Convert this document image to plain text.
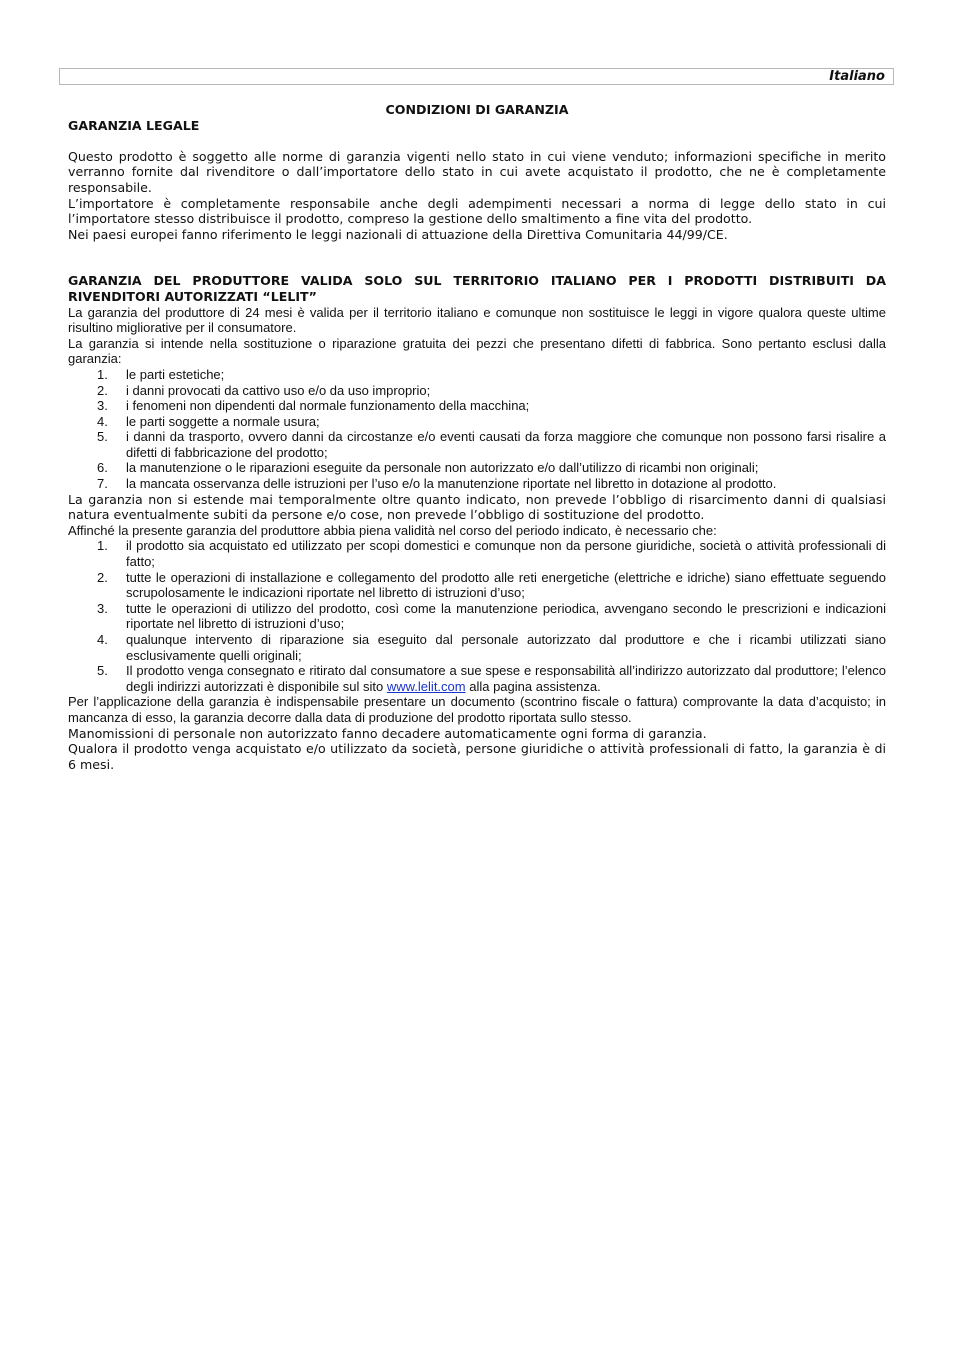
Italiano
CONDIZIONI DI GARANZIA
GARANZIA LEGALE

Questo prodotto è soggetto alle norme di garanzia vigenti nello stato in cui viene venduto; informazioni specifiche in merito verranno fornite dal rivenditore o dall’importatore dello stato in cui avete acquistato il prodotto, che ne è completamente responsabile.

L’importatore è completamente responsabile anche degli adempimenti necessari a norma di legge dello stato in cui l’importatore stesso distribuisce il prodotto, compreso la gestione dello smaltimento a fine vita del prodotto.

Nei paesi europei fanno riferimento le leggi nazionali di attuazione della Direttiva Comunitaria 44/99/CE.

GARANZIA DEL PRODUTTORE VALIDA SOLO SUL TERRITORIO ITALIANO PER I PRODOTTI DISTRIBUITI DA RIVENDITORI AUTORIZZATI “LELIT”

La garanzia del produttore di 24 mesi è valida per il territorio italiano e comunque non sostituisce le leggi in vigore qualora queste ultime risultino migliorative per il consumatore.

La garanzia si intende nella sostituzione o riparazione gratuita dei pezzi che presentano difetti di fabbrica. Sono pertanto esclusi dalla garanzia:

1. le parti estetiche;
2. i danni provocati da cattivo uso e/o da uso improprio;
3. i fenomeni non dipendenti dal normale funzionamento della macchina;
4. le parti soggette a normale usura;
5. i danni da trasporto, ovvero danni da circostanze e/o eventi causati da forza maggiore che comunque non possono farsi risalire a difetti di fabbricazione del prodotto;
6. la manutenzione o le riparazioni eseguite da personale non autorizzato e/o dall’utilizzo di ricambi non originali;
7. la mancata osservanza delle istruzioni per l’uso e/o la manutenzione riportate nel libretto in dotazione al prodotto.

La garanzia non si estende mai temporalmente oltre quanto indicato, non prevede l’obbligo di risarcimento danni di qualsiasi natura eventualmente subiti da persone e/o cose, non prevede l’obbligo di sostituzione del prodotto.

Affinché la presente garanzia del produttore abbia piena validità nel corso del periodo indicato, è necessario che:

1. il prodotto sia acquistato ed utilizzato per scopi domestici e comunque non da persone giuridiche, società o attività professionali di fatto;
2. tutte le operazioni di installazione e collegamento del prodotto alle reti energetiche (elettriche e idriche) siano effettuate seguendo scrupolosamente le indicazioni riportate nel libretto di istruzioni d’uso;
3. tutte le operazioni di utilizzo del prodotto, così come la manutenzione periodica, avvengano secondo le prescrizioni e indicazioni riportate nel libretto di istruzioni d’uso;
4. qualunque intervento di riparazione sia eseguito dal personale autorizzato dal produttore e che i ricambi utilizzati siano esclusivamente quelli originali;
5. Il prodotto venga consegnato e ritirato dal consumatore a sue spese e responsabilità all’indirizzo autorizzato dal produttore; l’elenco degli indirizzi autorizzati è disponibile sul sito www.lelit.com alla pagina assistenza.

Per l’applicazione della garanzia è indispensabile presentare un documento (scontrino fiscale o fattura) comprovante la data d’acquisto; in mancanza di esso, la garanzia decorre dalla data di produzione del prodotto riportata sullo stesso.

Manomissioni di personale non autorizzato fanno decadere automaticamente ogni forma di garanzia.

Qualora il prodotto venga acquistato e/o utilizzato da società, persone giuridiche o attività professionali di fatto, la garanzia è di 6 mesi.
